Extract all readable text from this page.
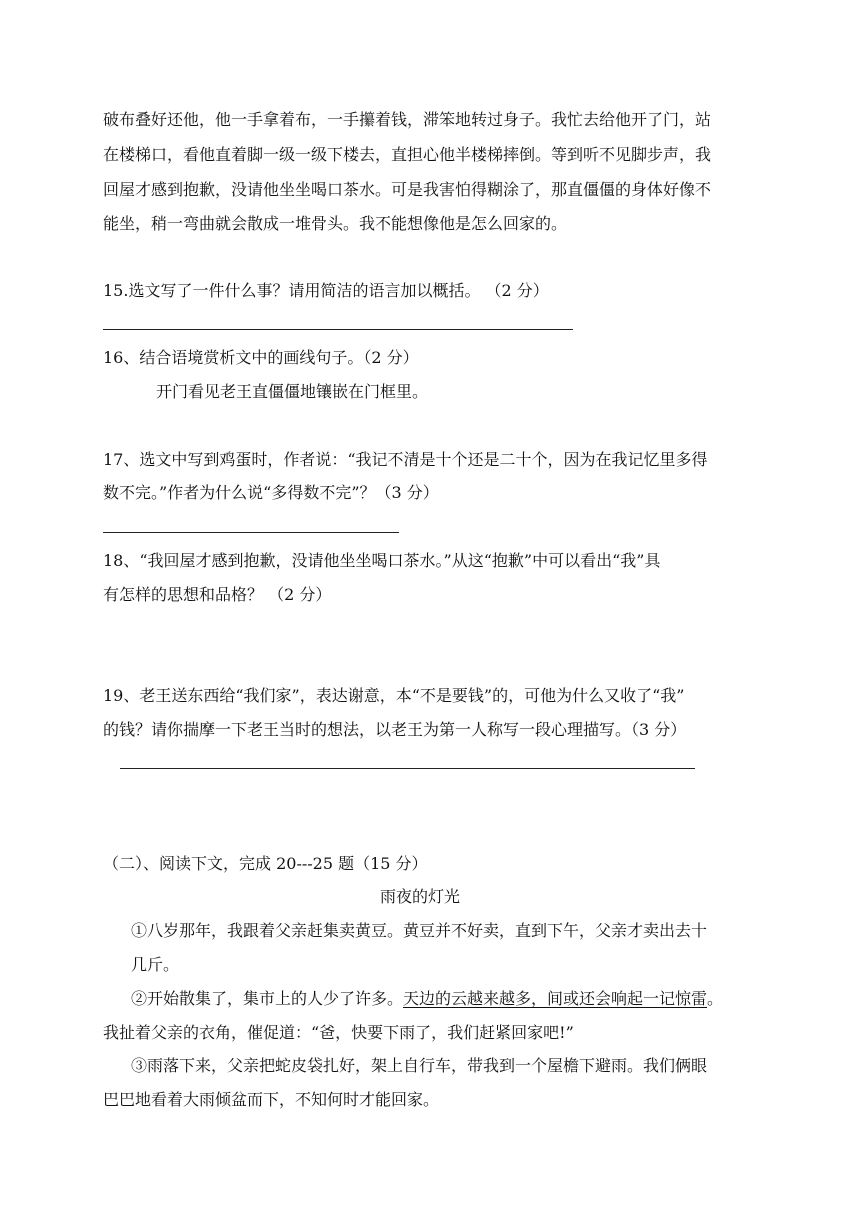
破布叠好还他，他一手拿着布，一手攥着钱，滞笨地转过身子。我忙去给他开了门，站
在楼梯口，看他直着脚一级一级下楼去，直担心他半楼梯摔倒。等到听不见脚步声，我
回屋才感到抱歉，没请他坐坐喝口茶水。可是我害怕得糊涂了，那直僵僵的身体好像不
能坐，稍一弯曲就会散成一堆骨头。我不能想像他是怎么回家的。
15.选文写了一件什么事？请用简洁的语言加以概括。 （2 分）
16、结合语境赏析文中的画线句子。（2 分）
开门看见老王直僵僵地镶嵌在门框里。
17、选文中写到鸡蛋时，作者说：“我记不清是十个还是二十个，因为在我记忆里多得
数不完。”作者为什么说“多得数不完”？（3 分）
18、“我回屋才感到抱歉，没请他坐坐喝口茶水。”从这“抱歉”中可以看出“我”具
有怎样的思想和品格？ （2 分）
19、老王送东西给“我们家”，表达谢意，本“不是要钱”的，可他为什么又收了“我”
的钱？请你揣摩一下老王当时的想法，以老王为第一人称写一段心理描写。（3 分）
（二）、阅读下文，完成 20---25 题（15 分）
雨夜的灯光
①八岁那年，我跟着父亲赶集卖黄豆。黄豆并不好卖，直到下午，父亲才卖出去十
几斤。
②开始散集了，集市上的人少了许多。天边的云越来越多，间或还会响起一记惊雷。
我扯着父亲的衣角，催促道：“爸，快要下雨了，我们赶紧回家吧!”
③雨落下来，父亲把蛇皮袋扎好，架上自行车，带我到一个屋檐下避雨。我们俩眼
巴巴地看着大雨倾盆而下，不知何时才能回家。
